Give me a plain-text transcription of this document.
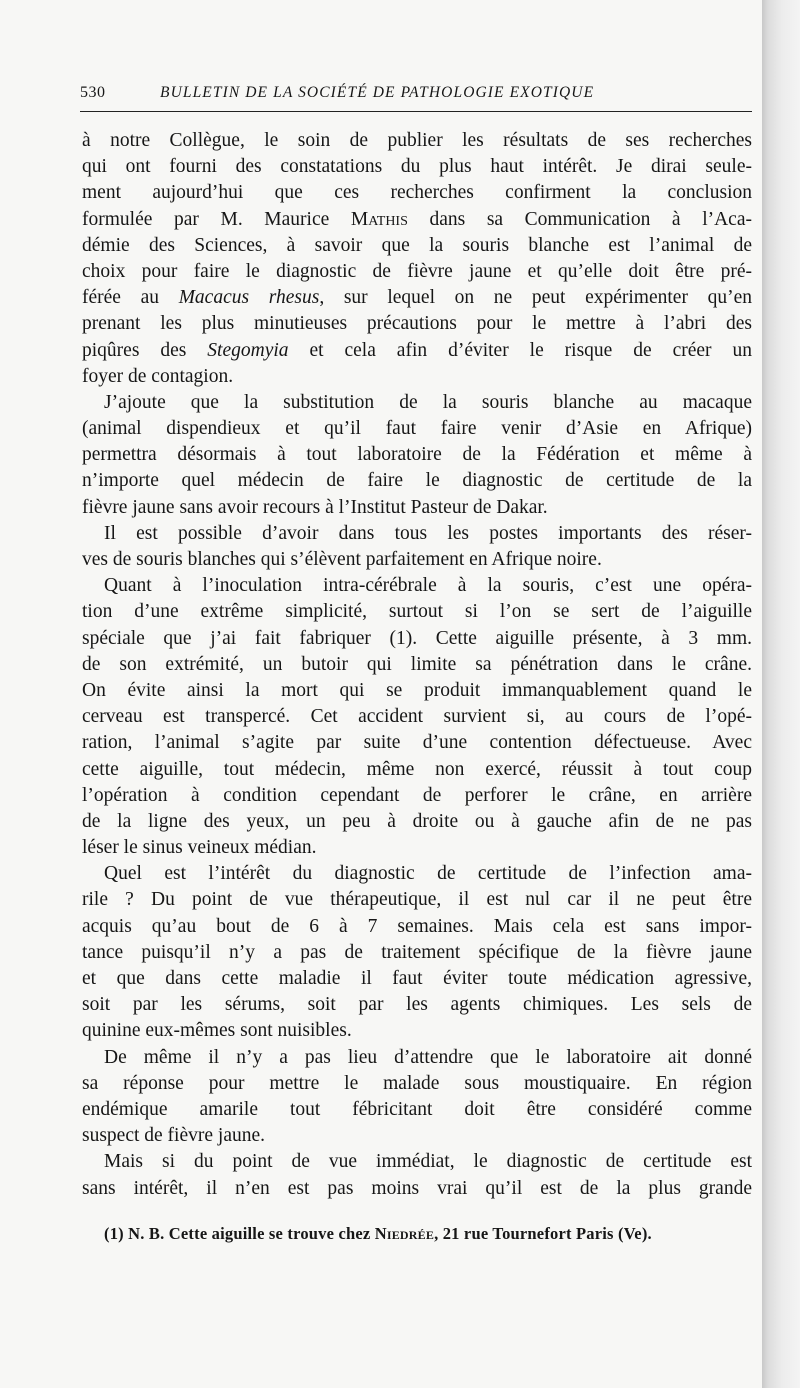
530	BULLETIN DE LA SOCIÉTÉ DE PATHOLOGIE EXOTIQUE
à notre Collègue, le soin de publier les résultats de ses recherches
qui ont fourni des constatations du plus haut intérêt. Je dirai seule-
ment aujourd’hui que ces recherches confirment la conclusion
formulée par M. Maurice Mathis dans sa Communication à l’Aca-
démie des Sciences, à savoir que la souris blanche est l’animal de
choix pour faire le diagnostic de fièvre jaune et qu’elle doit être pré-
férée au Macacus rhesus, sur lequel on ne peut expérimenter qu’en
prenant les plus minutieuses précautions pour le mettre à l’abri des
piqûres des Stegomyia et cela afin d’éviter le risque de créer un
foyer de contagion.
J’ajoute que la substitution de la souris blanche au macaque
(animal dispendieux et qu’il faut faire venir d’Asie en Afrique)
permettra désormais à tout laboratoire de la Fédération et même à
n’importe quel médecin de faire le diagnostic de certitude de la
fièvre jaune sans avoir recours à l’Institut Pasteur de Dakar.
Il est possible d’avoir dans tous les postes importants des réser-
ves de souris blanches qui s’élèvent parfaitement en Afrique noire.
Quant à l’inoculation intra-cérébrale à la souris, c’est une opéra-
tion d’une extrême simplicité, surtout si l’on se sert de l’aiguille
spéciale que j’ai fait fabriquer (1). Cette aiguille présente, à 3 mm.
de son extrémité, un butoir qui limite sa pénétration dans le crâne.
On évite ainsi la mort qui se produit immanquablement quand le
cerveau est transpercé. Cet accident survient si, au cours de l’opé-
ration, l’animal s’agite par suite d’une contention défectueuse. Avec
cette aiguille, tout médecin, même non exercé, réussit à tout coup
l’opération à condition cependant de perforer le crâne, en arrière
de la ligne des yeux, un peu à droite ou à gauche afin de ne pas
léser le sinus veineux médian.
Quel est l’intérêt du diagnostic de certitude de l’infection ama-
rile ? Du point de vue thérapeutique, il est nul car il ne peut être
acquis qu’au bout de 6 à 7 semaines. Mais cela est sans impor-
tance puisqu’il n’y a pas de traitement spécifique de la fièvre jaune
et que dans cette maladie il faut éviter toute médication agressive,
soit par les sérums, soit par les agents chimiques. Les sels de
quinine eux-mêmes sont nuisibles.
De même il n’y a pas lieu d’attendre que le laboratoire ait donné
sa réponse pour mettre le malade sous moustiquaire. En région
endémique amarile tout fébricitant doit être considéré comme
suspect de fièvre jaune.
Mais si du point de vue immédiat, le diagnostic de certitude est
sans intérêt, il n’en est pas moins vrai qu’il est de la plus grande
(1) N. B. Cette aiguille se trouve chez Niedrée, 21 rue Tournefort Paris (Ve).
